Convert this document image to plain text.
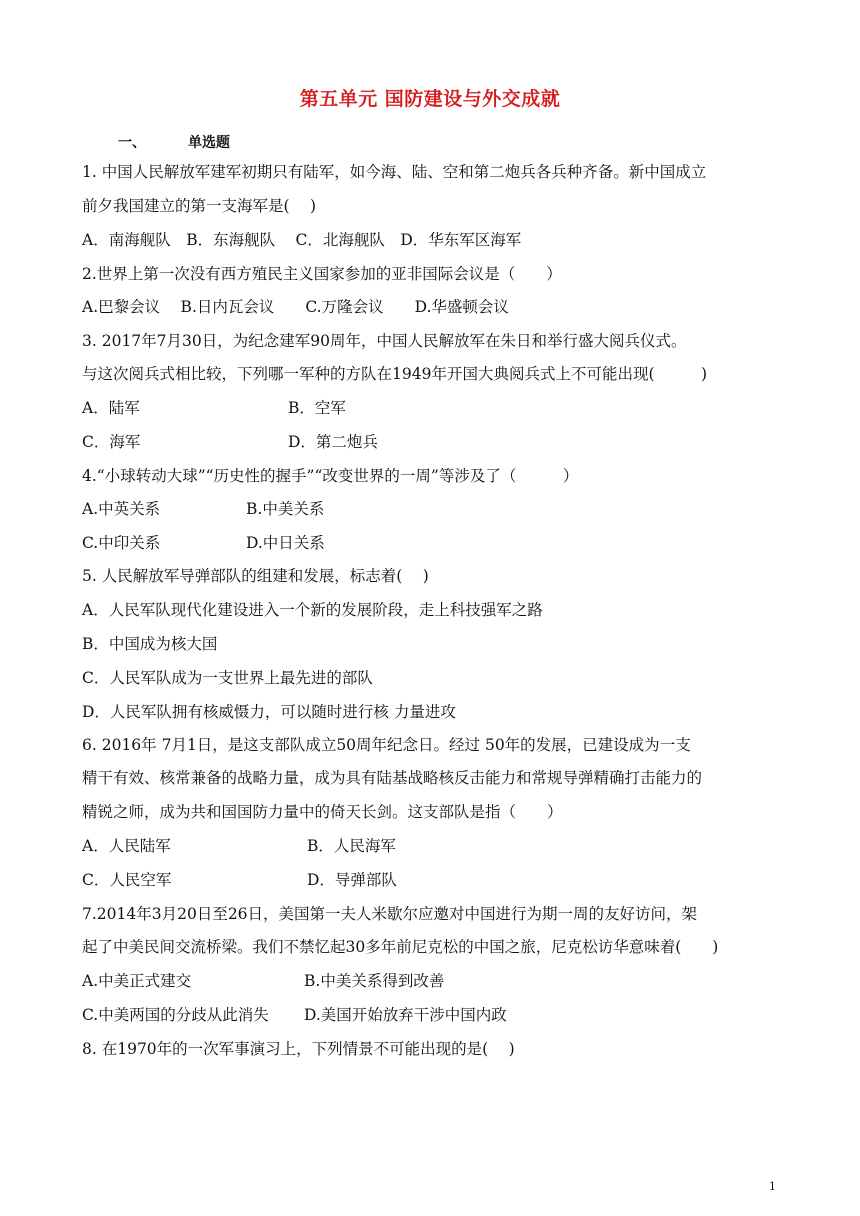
第五单元 国防建设与外交成就
一、	单选题
1. 中国人民解放军建军初期只有陆军，如今海、陆、空和第二炮兵各兵种齐备。新中国成立
前夕我国建立的第一支海军是(　 )
A．南海舰队　B．东海舰队　 C．北海舰队　D．华东军区海军
2.世界上第一次没有西方殖民主义国家参加的亚非国际会议是（　　）
A.巴黎会议　 B.日内瓦会议　　C.万隆会议　　D.华盛顿会议
3. 2017年7月30日，为纪念建军90周年，中国人民解放军在朱日和举行盛大阅兵仪式。
与这次阅兵式相比较，下列哪一军种的方队在1949年开国大典阅兵式上不可能出现(　　　)
A．陆军	B．空军
C．海军	D．第二炮兵
4.“小球转动大球”“历史性的握手”“改变世界的一周”等涉及了（　　　）
A.中英关系	B.中美关系
C.中印关系	D.中日关系
5. 人民解放军导弹部队的组建和发展，标志着(　 )
A．人民军队现代化建设进入一个新的发展阶段，走上科技强军之路
B．中国成为核大国
C．人民军队成为一支世界上最先进的部队
D．人民军队拥有核威慑力，可以随时进行核 力量进攻
6. 2016年 7月1日，是这支部队成立50周年纪念日。经过 50年的发展，已建设成为一支
精干有效、核常兼备的战略力量，成为具有陆基战略核反击能力和常规导弹精确打击能力的
精锐之师，成为共和国国防力量中的倚天长剑。这支部队是指（　　）
A．人民陆军	B．人民海军
C．人民空军	D．导弹部队
7.2014年3月20日至26日，美国第一夫人米歇尔应邀对中国进行为期一周的友好访问，架
起了中美民间交流桥梁。我们不禁忆起30多年前尼克松的中国之旅，尼克松访华意味着(　　)
A.中美正式建交	B.中美关系得到改善
C.中美两国的分歧从此消失 D.美国开始放弃干涉中国内政
8. 在1970年的一次军事演习上，下列情景不可能出现的是(　 )
1
